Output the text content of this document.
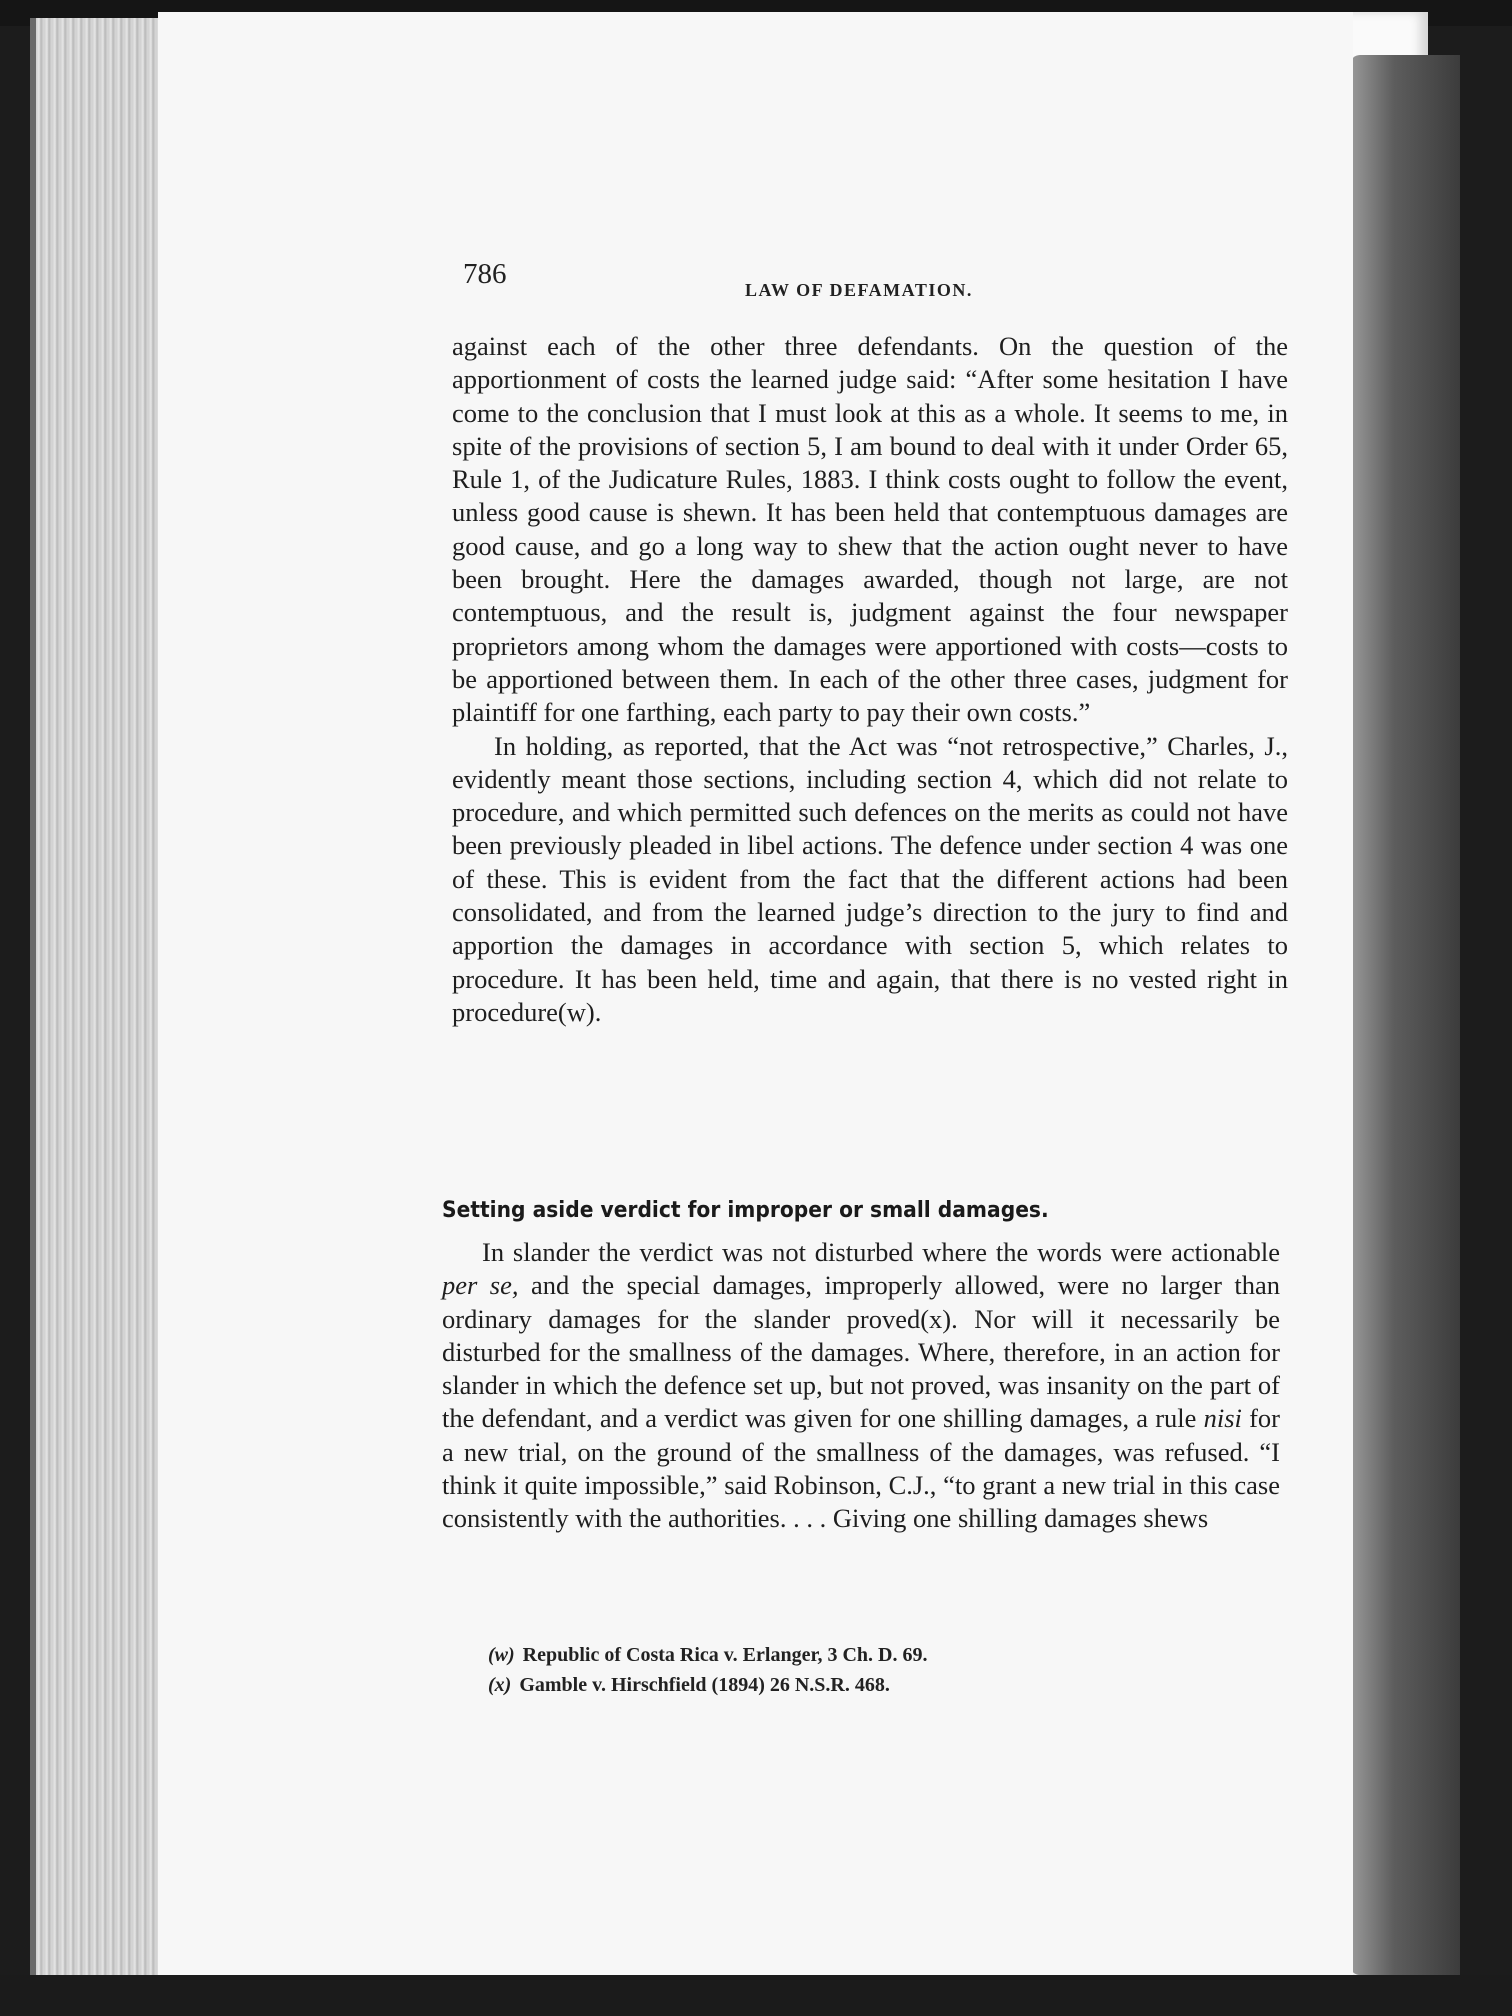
786	LAW OF DEFAMATION.

against each of the other three defendants. On the question of the apportionment of costs the learned judge said: “After some hesitation I have come to the conclusion that I must look at this as a whole. It seems to me, in spite of the provisions of section 5, I am bound to deal with it under Order 65, Rule 1, of the Judicature Rules, 1883. I think costs ought to follow the event, unless good cause is shewn. It has been held that contemptuous damages are good cause, and go a long way to shew that the action ought never to have been brought. Here the damages awarded, though not large, are not contemptuous, and the result is, judgment against the four newspaper proprietors among whom the damages were apportioned with costs—costs to be apportioned between them. In each of the other three cases, judgment for plaintiff for one farthing, each party to pay their own costs.”

In holding, as reported, that the Act was “not retrospective,” Charles, J., evidently meant those sections, including section 4, which did not relate to procedure, and which permitted such defences on the merits as could not have been previously pleaded in libel actions. The defence under section 4 was one of these. This is evident from the fact that the different actions had been consolidated, and from the learned judge’s direction to the jury to find and apportion the damages in accordance with section 5, which relates to procedure. It has been held, time and again, that there is no vested right in procedure(w).

Setting aside verdict for improper or small damages.

In slander the verdict was not disturbed where the words were actionable per se, and the special damages, improperly allowed, were no larger than ordinary damages for the slander proved(x). Nor will it necessarily be disturbed for the smallness of the damages. Where, therefore, in an action for slander in which the defence set up, but not proved, was insanity on the part of the defendant, and a verdict was given for one shilling damages, a rule nisi for a new trial, on the ground of the smallness of the damages, was refused. “I think it quite impossible,” said Robinson, C.J., “to grant a new trial in this case consistently with the authorities. . . . Giving one shilling damages shews

(w) Republic of Costa Rica v. Erlanger, 3 Ch. D. 69.
(x) Gamble v. Hirschfield (1894) 26 N.S.R. 468.
